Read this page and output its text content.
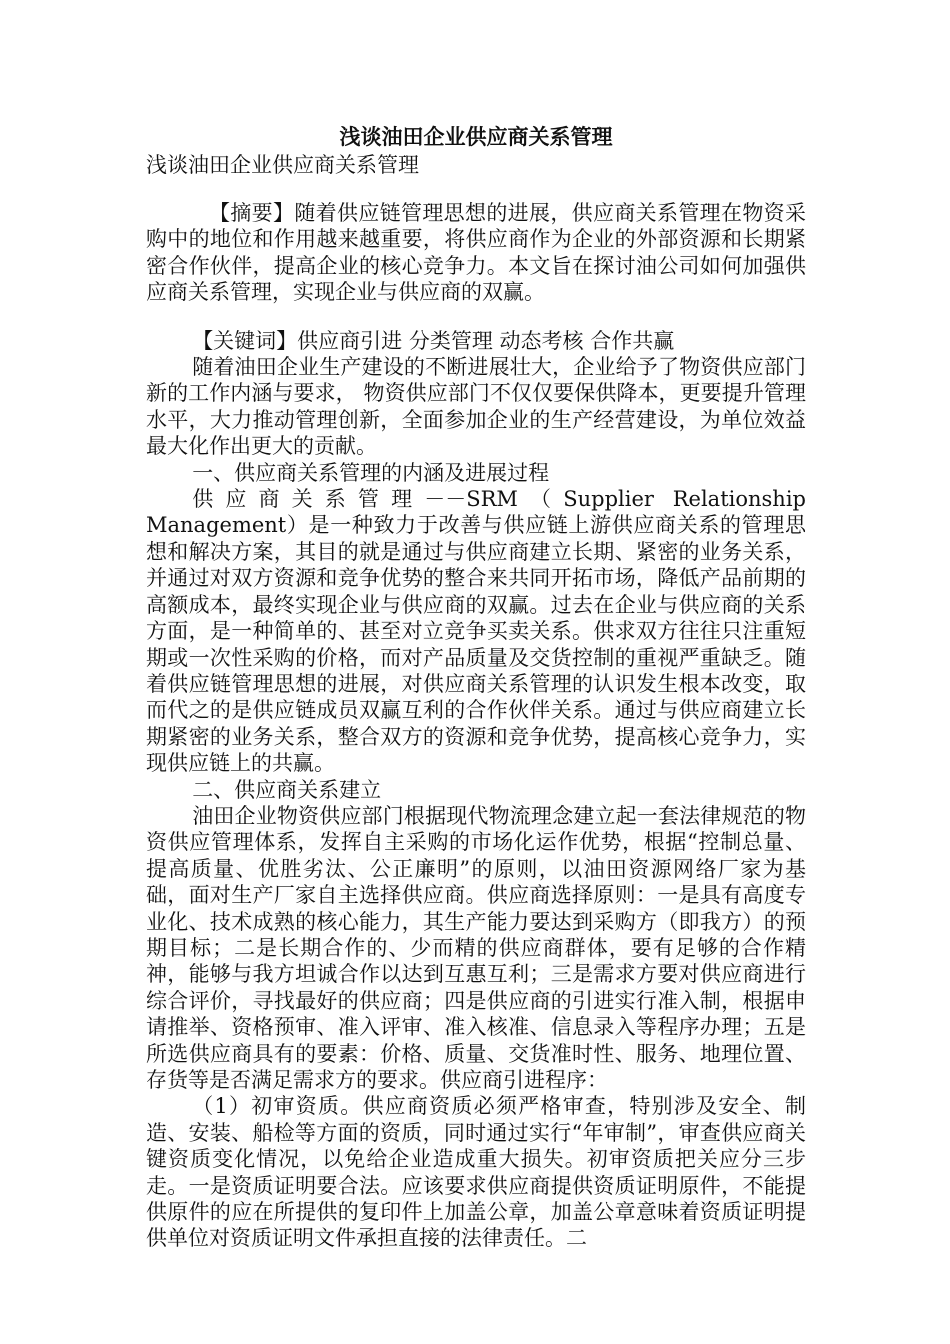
浅谈油田企业供应商关系管理
浅谈油田企业供应商关系管理

【摘要】随着供应链管理思想的进展，供应商关系管理在物资采购中的地位和作用越来越重要，将供应商作为企业的外部资源和长期紧密合作伙伴，提高企业的核心竞争力。本文旨在探讨油公司如何加强供应商关系管理，实现企业与供应商的双赢。

【关键词】供应商引进 分类管理 动态考核 合作共赢

随着油田企业生产建设的不断进展壮大，企业给予了物资供应部门新的工作内涵与要求， 物资供应部门不仅仅要保供降本，更要提升管理水平，大力推动管理创新，全面参加企业的生产经营建设，为单位效益最大化作出更大的贡献。

一、供应商关系管理的内涵及进展过程

供应商关系管理－－SRM（Supplier Relationship Management）是一种致力于改善与供应链上游供应商关系的管理思想和解决方案，其目的就是通过与供应商建立长期、紧密的业务关系，并通过对双方资源和竞争优势的整合来共同开拓市场，降低产品前期的高额成本，最终实现企业与供应商的双赢。过去在企业与供应商的关系方面，是一种简单的、甚至对立竞争买卖关系。供求双方往往只注重短期或一次性采购的价格，而对产品质量及交货控制的重视严重缺乏。随着供应链管理思想的进展，对供应商关系管理的认识发生根本改变，取而代之的是供应链成员双赢互利的合作伙伴关系。通过与供应商建立长期紧密的业务关系，整合双方的资源和竞争优势，提高核心竞争力，实现供应链上的共赢。

二、供应商关系建立

油田企业物资供应部门根据现代物流理念建立起一套法律规范的物资供应管理体系，发挥自主采购的市场化运作优势，根据“控制总量、提高质量、优胜劣汰、公正廉明”的原则，以油田资源网络厂家为基础，面对生产厂家自主选择供应商。供应商选择原则：一是具有高度专业化、技术成熟的核心能力，其生产能力要达到采购方（即我方）的预期目标；二是长期合作的、少而精的供应商群体，要有足够的合作精神，能够与我方坦诚合作以达到互惠互利；三是需求方要对供应商进行综合评价，寻找最好的供应商；四是供应商的引进实行准入制，根据申请推举、资格预审、准入评审、准入核准、信息录入等程序办理；五是所选供应商具有的要素：价格、质量、交货准时性、服务、地理位置、存货等是否满足需求方的要求。供应商引进程序：

（1）初审资质。供应商资质必须严格审查，特别涉及安全、制造、安装、船检等方面的资质，同时通过实行“年审制”，审查供应商关键资质变化情况，以免给企业造成重大损失。初审资质把关应分三步走。一是资质证明要合法。应该要求供应商提供资质证明原件，不能提供原件的应在所提供的复印件上加盖公章，加盖公章意味着资质证明提供单位对资质证明文件承担直接的法律责任。二
